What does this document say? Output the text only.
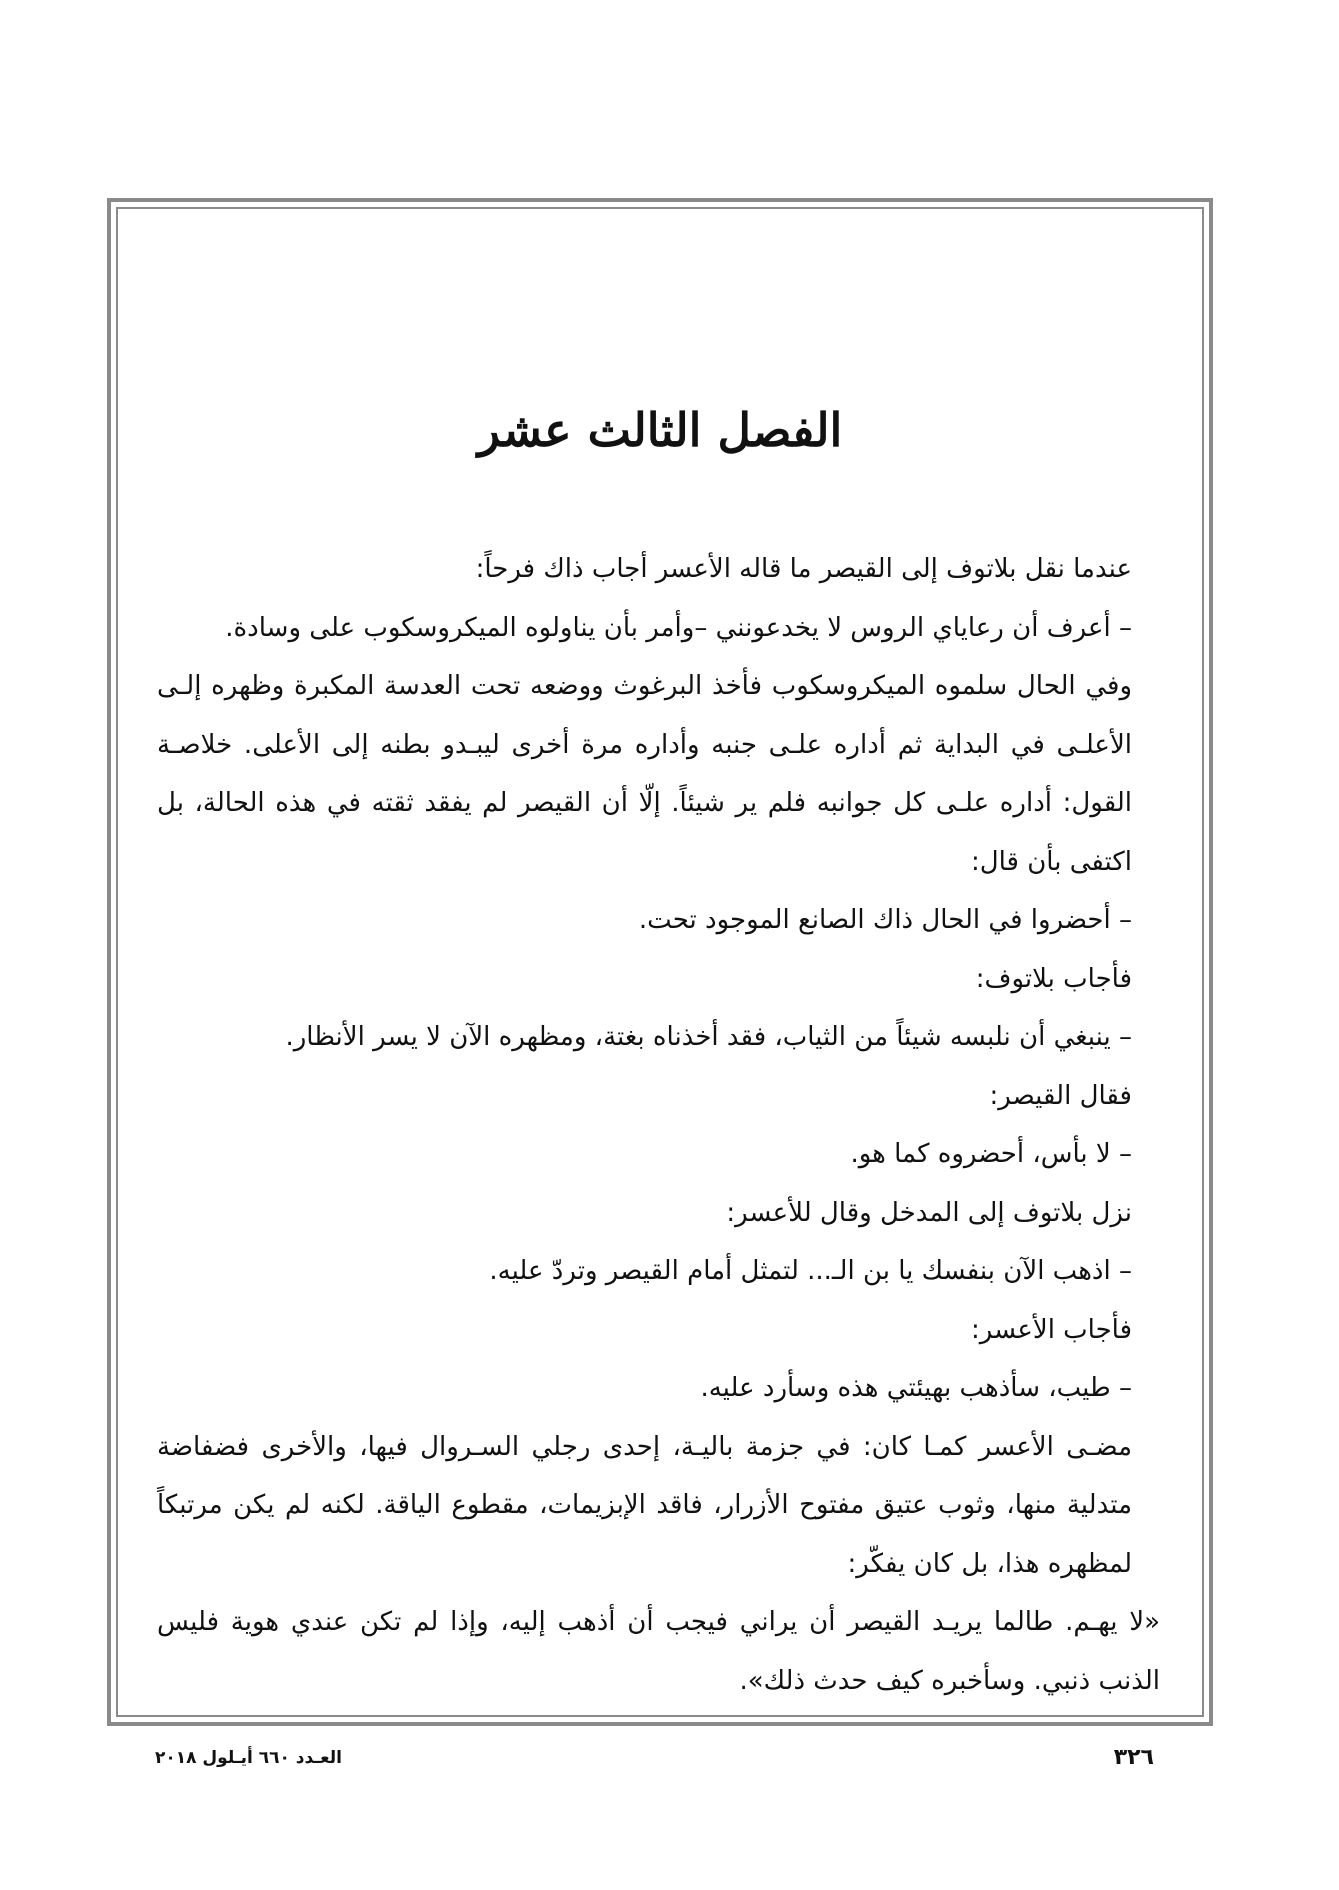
الفصل الثالث عشر

عندما نقل بلاتوف إلى القيصر ما قاله الأعسر أجاب ذاك فرحاً:

– أعرف أن رعاياي الروس لا يخدعونني –وأمر بأن يناولوه الميكروسكوب على وسادة.

وفي الحال سلموه الميكروسكوب فأخذ البرغوث ووضعه تحت العدسة المكبرة وظهره إلـى الأعلـى في البداية ثم أداره علـى جنبه وأداره مرة أخرى ليبـدو بطنه إلى الأعلى. خلاصـة القول: أداره علـى كل جوانبه فلم ير شيئاً. إلّا أن القيصر لم يفقد ثقته في هذه الحالة، بل اكتفى بأن قال:

– أحضروا في الحال ذاك الصانع الموجود تحت.

فأجاب بلاتوف:

– ينبغي أن نلبسه شيئاً من الثياب، فقد أخذناه بغتة، ومظهره الآن لا يسر الأنظار.

فقال القيصر:

– لا بأس، أحضروه كما هو.

نزل بلاتوف إلى المدخل وقال للأعسر:

– اذهب الآن بنفسك يا بن الـ... لتمثل أمام القيصر وتردّ عليه.

فأجاب الأعسر:

– طيب، سأذهب بهيئتي هذه وسأرد عليه.

مضـى الأعسر كمـا كان: في جزمة باليـة، إحدى رجلي السـروال فيها، والأخرى فضفاضة متدلية منها، وثوب عتيق مفتوح الأزرار، فاقد الإبزيمات، مقطوع الياقة. لكنه لم يكن مرتبكاً لمظهره هذا، بل كان يفكّر:

«لا يهـم. طالما يريـد القيصر أن يراني فيجب أن أذهب إليه، وإذا لم تكن عندي هوية فليس الذنب ذنبي. وسأخبره كيف حدث ذلك».

٣٢٦
العـدد ٦٦٠ أيـلول ٢٠١٨
